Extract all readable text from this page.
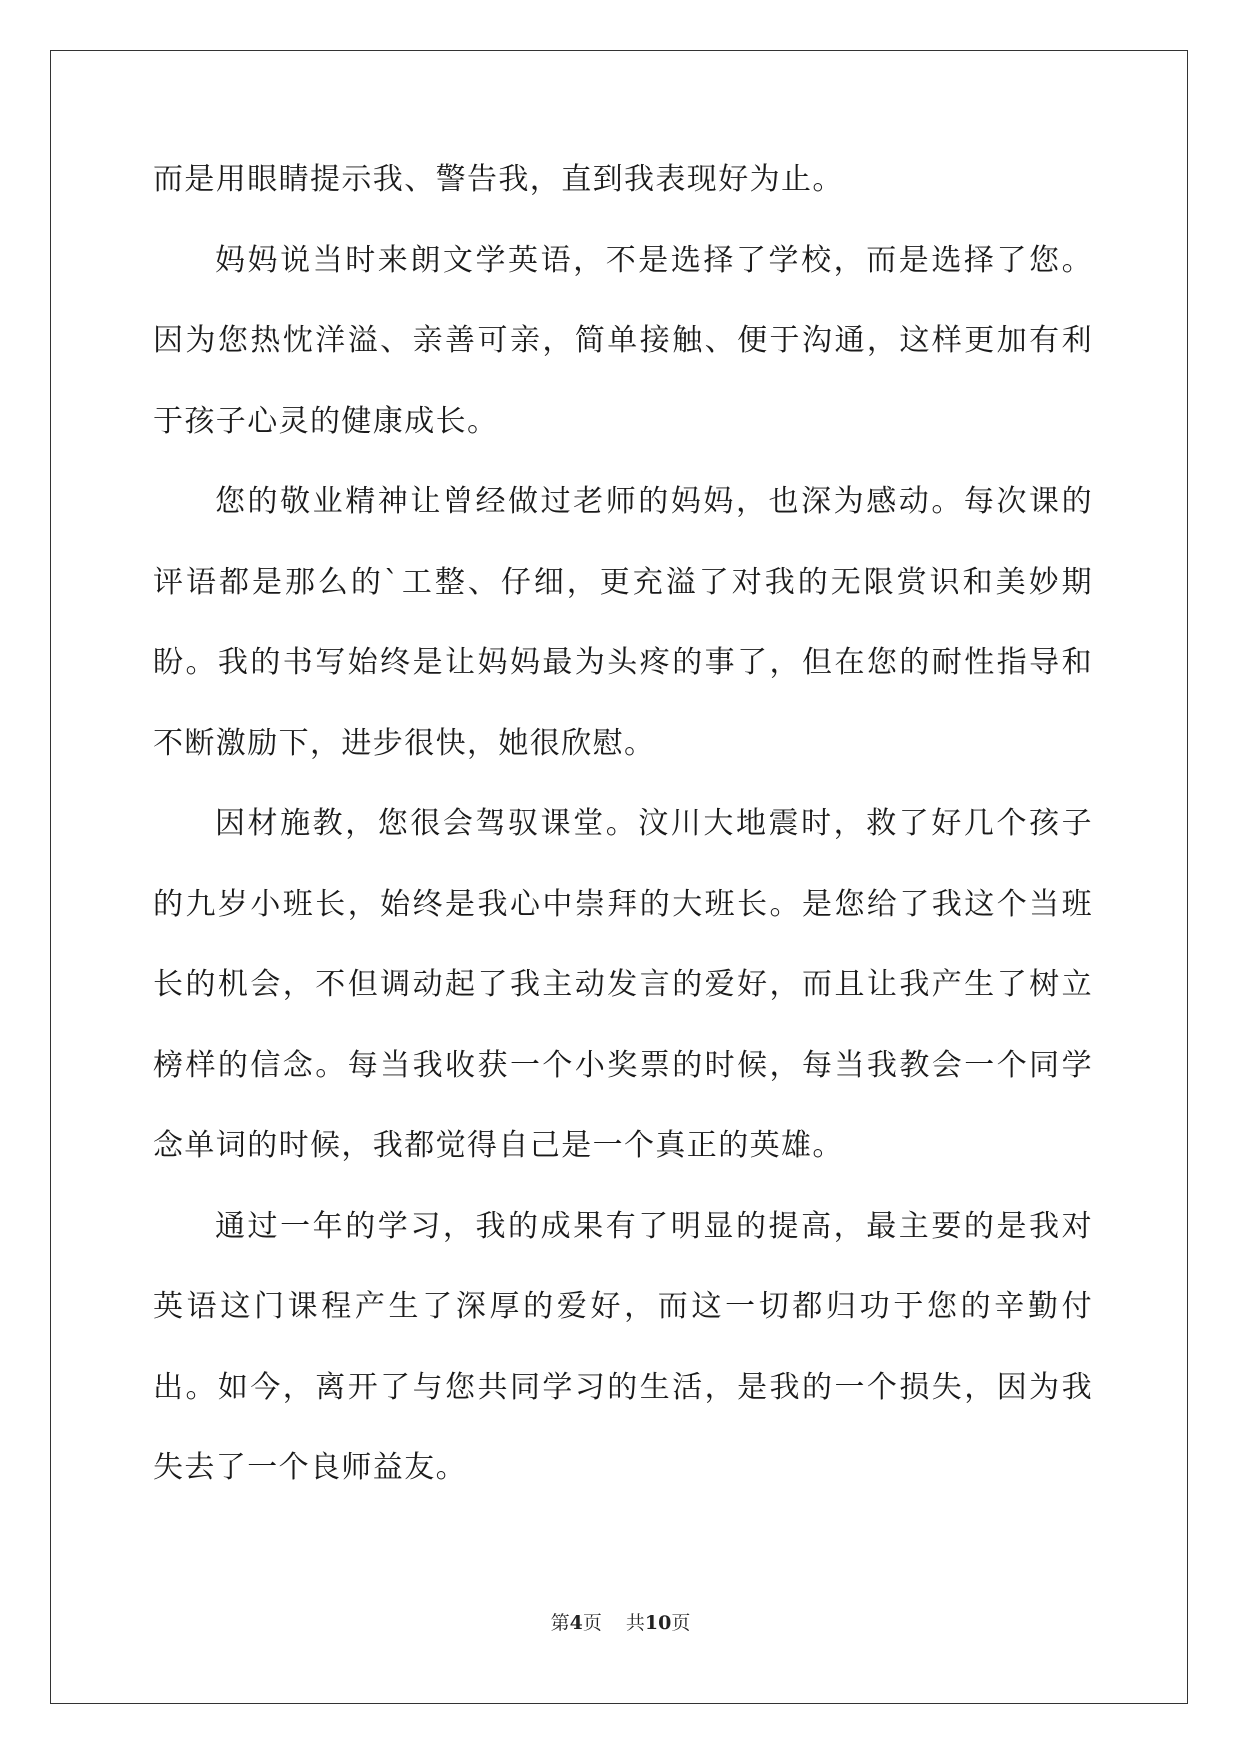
而是用眼睛提示我、警告我，直到我表现好为止。

妈妈说当时来朗文学英语，不是选择了学校，而是选择了您。因为您热忱洋溢、亲善可亲，简单接触、便于沟通，这样更加有利于孩子心灵的健康成长。

您的敬业精神让曾经做过老师的妈妈，也深为感动。每次课的评语都是那么的`工整、仔细，更充溢了对我的无限赏识和美妙期盼。我的书写始终是让妈妈最为头疼的事了，但在您的耐性指导和不断激励下，进步很快，她很欣慰。

因材施教，您很会驾驭课堂。汶川大地震时，救了好几个孩子的九岁小班长，始终是我心中崇拜的大班长。是您给了我这个当班长的机会，不但调动起了我主动发言的爱好，而且让我产生了树立榜样的信念。每当我收获一个小奖票的时候，每当我教会一个同学念单词的时候，我都觉得自己是一个真正的英雄。

通过一年的学习，我的成果有了明显的提高，最主要的是我对英语这门课程产生了深厚的爱好，而这一切都归功于您的辛勤付出。如今，离开了与您共同学习的生活，是我的一个损失，因为我失去了一个良师益友。

第4页 共10页
